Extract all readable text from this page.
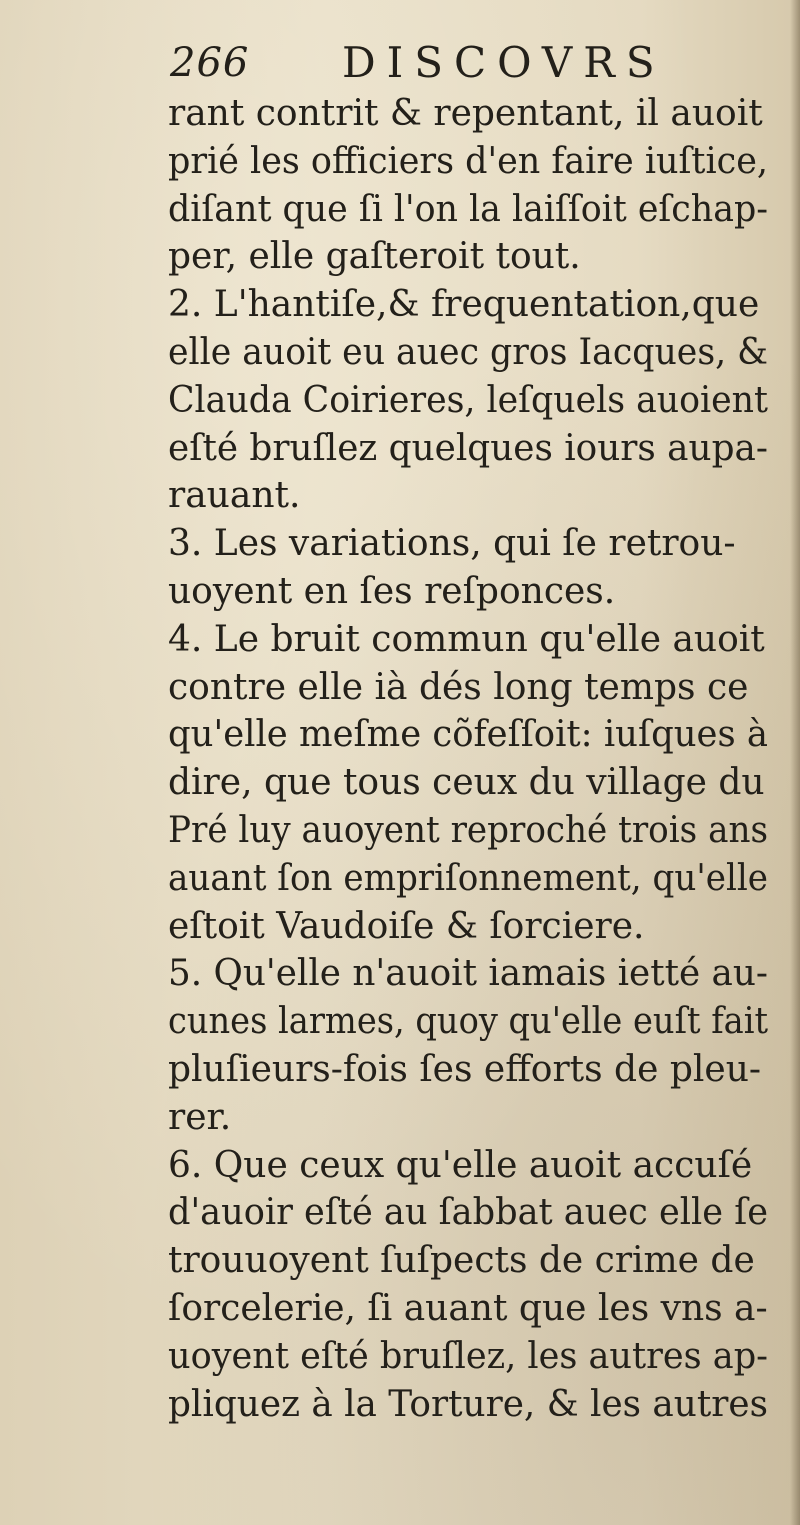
266 DISCOVRS
rant contrit & repentant, il auoit
prié les officiers d'en faire iuſtice,
diſant que ſi l'on la laiſſoit eſchap-
per, elle gaſteroit tout.
2. L'hantiſe,& frequentation,que
elle auoit eu auec gros Iacques, &
Clauda Coirieres, leſquels auoient
eſté bruſlez quelques iours aupa-
rauant.
3. Les variations, qui ſe retrou-
uoyent en ſes reſponces.
4. Le bruit commun qu'elle auoit
contre elle ià dés long temps ce
qu'elle meſme cõfeſſoit: iuſques à
dire, que tous ceux du village du
Pré luy auoyent reproché trois ans
auant ſon empriſonnement, qu'elle
eſtoit Vaudoiſe & ſorciere.
5. Qu'elle n'auoit iamais ietté au-
cunes larmes, quoy qu'elle euſt fait
pluſieurs-fois ſes efforts de pleu-
rer.
6. Que ceux qu'elle auoit accuſé
d'auoir eſté au ſabbat auec elle ſe
trouuoyent ſuſpects de crime de
ſorcelerie, ſi auant que les vns a-
uoyent eſté bruſlez, les autres ap-
pliquez à la Torture, & les autres
